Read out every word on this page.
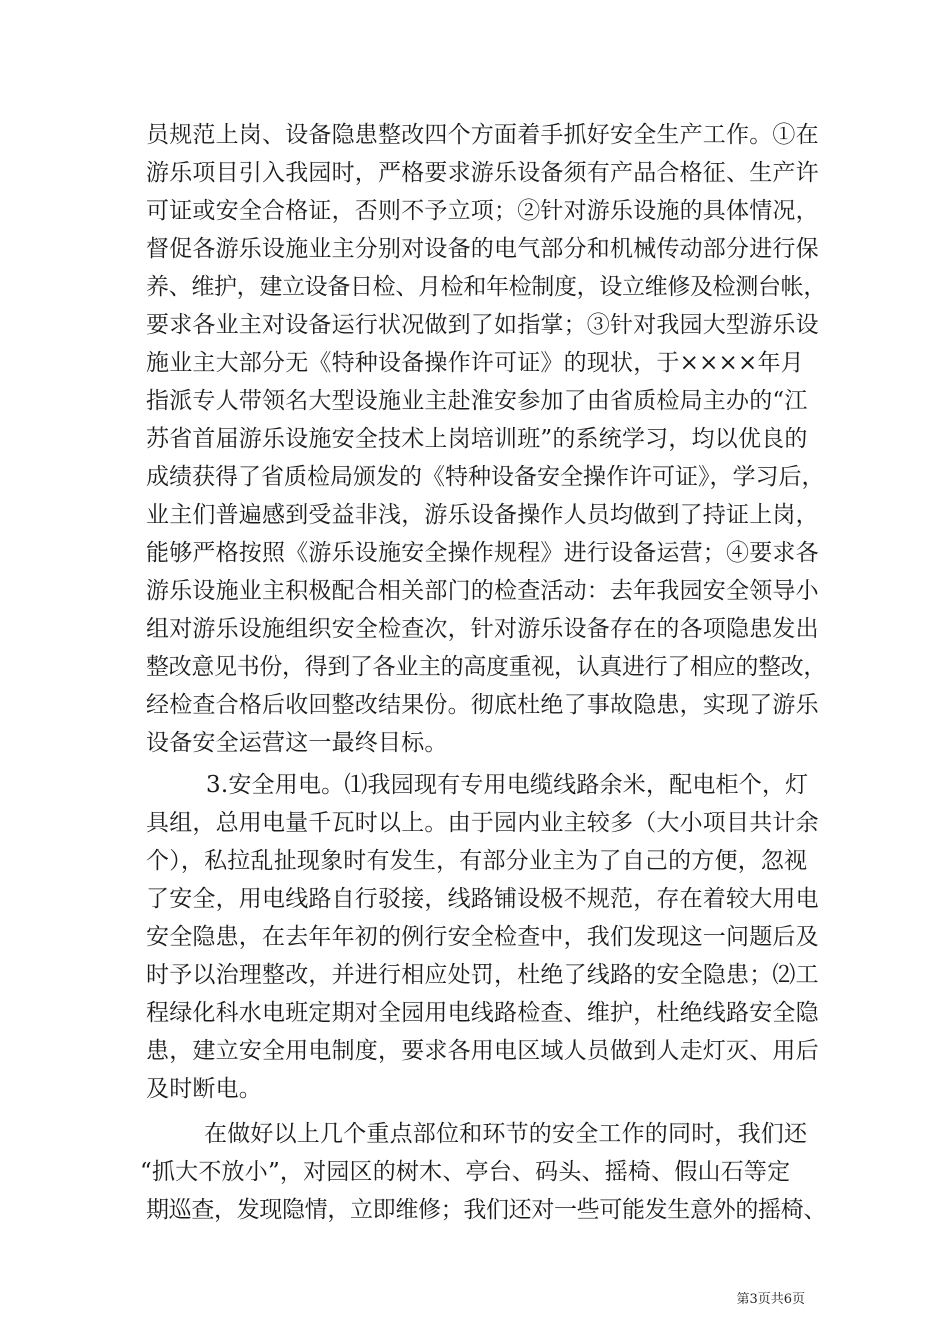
员规范上岗、设备隐患整改四个方面着手抓好安全生产工作。①在
游乐项目引入我园时，严格要求游乐设备须有产品合格征、生产许
可证或安全合格证，否则不予立项；②针对游乐设施的具体情况，
督促各游乐设施业主分别对设备的电气部分和机械传动部分进行保
养、维护，建立设备日检、月检和年检制度，设立维修及检测台帐，
要求各业主对设备运行状况做到了如指掌；③针对我园大型游乐设
施业主大部分无《特种设备操作许可证》的现状，于××××年月
指派专人带领名大型设施业主赴淮安参加了由省质检局主办的“江
苏省首届游乐设施安全技术上岗培训班”的系统学习，均以优良的
成绩获得了省质检局颁发的《特种设备安全操作许可证》，学习后，
业主们普遍感到受益非浅，游乐设备操作人员均做到了持证上岗，
能够严格按照《游乐设施安全操作规程》进行设备运营；④要求各
游乐设施业主积极配合相关部门的检查活动：去年我园安全领导小
组对游乐设施组织安全检查次，针对游乐设备存在的各项隐患发出
整改意见书份，得到了各业主的高度重视，认真进行了相应的整改，
经检查合格后收回整改结果份。彻底杜绝了事故隐患，实现了游乐
设备安全运营这一最终目标。
3.安全用电。⑴我园现有专用电缆线路余米，配电柜个，灯
具组，总用电量千瓦时以上。由于园内业主较多（大小项目共计余
个），私拉乱扯现象时有发生，有部分业主为了自己的方便，忽视
了安全，用电线路自行驳接，线路铺设极不规范，存在着较大用电
安全隐患，在去年年初的例行安全检查中，我们发现这一问题后及
时予以治理整改，并进行相应处罚，杜绝了线路的安全隐患；⑵工
程绿化科水电班定期对全园用电线路检查、维护，杜绝线路安全隐
患，建立安全用电制度，要求各用电区域人员做到人走灯灭、用后
及时断电。
在做好以上几个重点部位和环节的安全工作的同时，我们还
“抓大不放小”，对园区的树木、亭台、码头、摇椅、假山石等定
期巡查，发现隐情，立即维修；我们还对一些可能发生意外的摇椅、
第3页共6页
